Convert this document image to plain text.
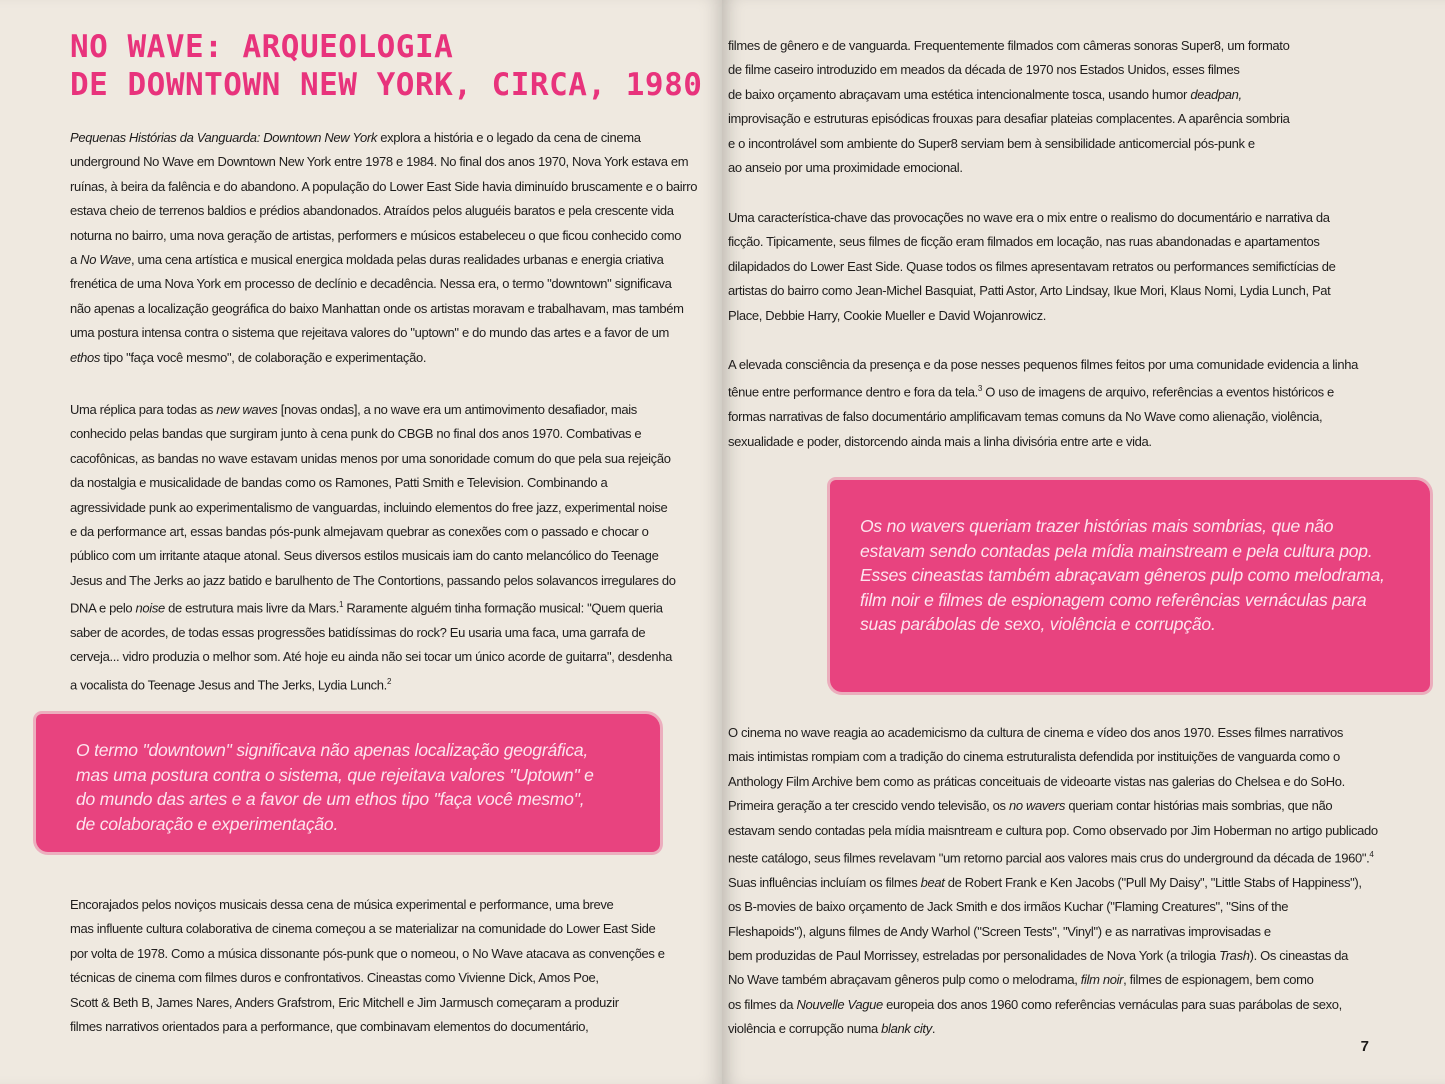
NO WAVE: ARQUEOLOGIA
DE DOWNTOWN NEW YORK, CIRCA, 1980

Pequenas Histórias da Vanguarda: Downtown New York explora a história e o legado da cena de cinema
underground No Wave em Downtown New York entre 1978 e 1984. No final dos anos 1970, Nova York estava em
ruínas, à beira da falência e do abandono. A população do Lower East Side havia diminuído bruscamente e o bairro
estava cheio de terrenos baldios e prédios abandonados. Atraídos pelos aluguéis baratos e pela crescente vida
noturna no bairro, uma nova geração de artistas, performers e músicos estabeleceu o que ficou conhecido como
a No Wave, uma cena artística e musical energica moldada pelas duras realidades urbanas e energia criativa
frenética de uma Nova York em processo de declínio e decadência. Nessa era, o termo "downtown" significava
não apenas a localização geográfica do baixo Manhattan onde os artistas moravam e trabalhavam, mas também
uma postura intensa contra o sistema que rejeitava valores do "uptown" e do mundo das artes e a favor de um
ethos tipo "faça você mesmo", de colaboração e experimentação.

Uma réplica para todas as new waves [novas ondas], a no wave era um antimovimento desafiador, mais
conhecido pelas bandas que surgiram junto à cena punk do CBGB no final dos anos 1970. Combativas e
cacofônicas, as bandas no wave estavam unidas menos por uma sonoridade comum do que pela sua rejeição
da nostalgia e musicalidade de bandas como os Ramones, Patti Smith e Television. Combinando a
agressividade punk ao experimentalismo de vanguardas, incluindo elementos do free jazz, experimental noise
e da performance art, essas bandas pós-punk almejavam quebrar as conexões com o passado e chocar o
público com um irritante ataque atonal. Seus diversos estilos musicais iam do canto melancólico do Teenage
Jesus and The Jerks ao jazz batido e barulhento de The Contortions, passando pelos solavancos irregulares do
DNA e pelo noise de estrutura mais livre da Mars.$^1$ Raramente alguém tinha formação musical: "Quem queria
saber de acordes, de todas essas progressões batidíssimas do rock? Eu usaria uma faca, uma garrafa de
cerveja... vidro produzia o melhor som. Até hoje eu ainda não sei tocar um único acorde de guitarra", desdenha
a vocalista do Teenage Jesus and The Jerks, Lydia Lunch.$^2$

O termo "downtown" significava não apenas localização geográfica,
mas uma postura contra o sistema, que rejeitava valores "Uptown" e
do mundo das artes e a favor de um ethos tipo "faça você mesmo",
de colaboração e experimentação.

Encorajados pelos noviços musicais dessa cena de música experimental e performance, uma breve
mas influente cultura colaborativa de cinema começou a se materializar na comunidade do Lower East Side
por volta de 1978. Como a música dissonante pós-punk que o nomeou, o No Wave atacava as convenções e
técnicas de cinema com filmes duros e confrontativos. Cineastas como Vivienne Dick, Amos Poe,
Scott & Beth B, James Nares, Anders Grafstrom, Eric Mitchell e Jim Jarmusch começaram a produzir
filmes narrativos orientados para a performance, que combinavam elementos do documentário,

filmes de gênero e de vanguarda. Frequentemente filmados com câmeras sonoras Super8, um formato
de filme caseiro introduzido em meados da década de 1970 nos Estados Unidos, esses filmes
de baixo orçamento abraçavam uma estética intencionalmente tosca, usando humor deadpan,
improvisação e estruturas episódicas frouxas para desafiar plateias complacentes. A aparência sombria
e o incontrolável som ambiente do Super8 serviam bem à sensibilidade anticomercial pós-punk e
ao anseio por uma proximidade emocional.

Uma característica-chave das provocações no wave era o mix entre o realismo do documentário e narrativa da
ficção. Tipicamente, seus filmes de ficção eram filmados em locação, nas ruas abandonadas e apartamentos
dilapidados do Lower East Side. Quase todos os filmes apresentavam retratos ou performances semifictícias de
artistas do bairro como Jean-Michel Basquiat, Patti Astor, Arto Lindsay, Ikue Mori, Klaus Nomi, Lydia Lunch, Pat
Place, Debbie Harry, Cookie Mueller e David Wojanrowicz.

A elevada consciência da presença e da pose nesses pequenos filmes feitos por uma comunidade evidencia a linha
tênue entre performance dentro e fora da tela.$^3$ O uso de imagens de arquivo, referências a eventos históricos e
formas narrativas de falso documentário amplificavam temas comuns da No Wave como alienação, violência,
sexualidade e poder, distorcendo ainda mais a linha divisória entre arte e vida.

Os no wavers queriam trazer histórias mais sombrias, que não
estavam sendo contadas pela mídia mainstream e pela cultura pop.
Esses cineastas também abraçavam gêneros pulp como melodrama,
film noir e filmes de espionagem como referências vernáculas para
suas parábolas de sexo, violência e corrupção.

O cinema no wave reagia ao academicismo da cultura de cinema e vídeo dos anos 1970. Esses filmes narrativos
mais intimistas rompiam com a tradição do cinema estruturalista defendida por instituições de vanguarda como o
Anthology Film Archive bem como as práticas conceituais de videoarte vistas nas galerias do Chelsea e do SoHo.
Primeira geração a ter crescido vendo televisão, os no wavers queriam contar histórias mais sombrias, que não
estavam sendo contadas pela mídia maisntream e cultura pop. Como observado por Jim Hoberman no artigo publicado
neste catálogo, seus filmes revelavam "um retorno parcial aos valores mais crus do underground da década de 1960".$^4$
Suas influências incluíam os filmes beat de Robert Frank e Ken Jacobs ("Pull My Daisy", "Little Stabs of Happiness"),
os B-movies de baixo orçamento de Jack Smith e dos irmãos Kuchar ("Flaming Creatures", "Sins of the
Fleshapoids"), alguns filmes de Andy Warhol ("Screen Tests", "Vinyl") e as narrativas improvisadas e
bem produzidas de Paul Morrissey, estreladas por personalidades de Nova York (a trilogia Trash). Os cineastas da
No Wave também abraçavam gêneros pulp como o melodrama, film noir, filmes de espionagem, bem como
os filmes da Nouvelle Vague europeia dos anos 1960 como referências vernáculas para suas parábolas de sexo,
violência e corrupção numa blank city.

7
